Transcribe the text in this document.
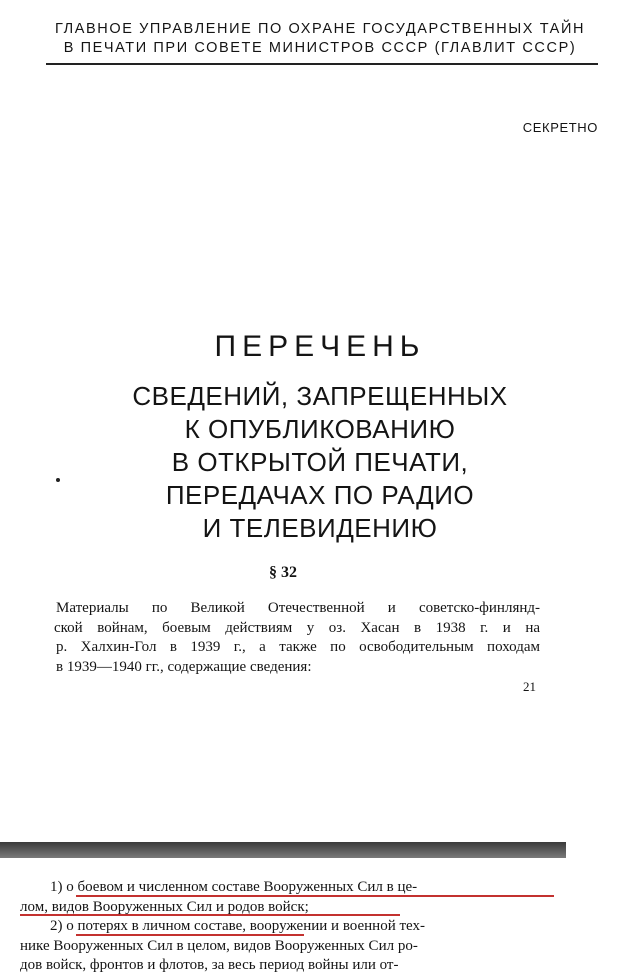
ГЛАВНОЕ УПРАВЛЕНИЕ ПО ОХРАНЕ ГОСУДАРСТВЕННЫХ ТАЙН
В ПЕЧАТИ ПРИ СОВЕТЕ МИНИСТРОВ СССР (ГЛАВЛИТ СССР)
СЕКРЕТНО
ПЕРЕЧЕНЬ
СВЕДЕНИЙ, ЗАПРЕЩЕННЫХ
К ОПУБЛИКОВАНИЮ
В ОТКРЫТОЙ ПЕЧАТИ,
ПЕРЕДАЧАХ ПО РАДИО
И ТЕЛЕВИДЕНИЮ
§ 32
Материалы по Великой Отечественной и советско-финлянд-
ской войнам, боевым действиям у оз. Хасан в 1938 г. и на
р. Халхин-Гол в 1939 г., а также по освободительным походам
в 1939—1940 гг., содержащие сведения:
21
1) о боевом и численном составе Вооруженных Сил в це-
лом, видов Вооруженных Сил и родов войск;
2) о потерях в личном составе, вооружении и военной тех-
нике Вооруженных Сил в целом, видов Вооруженных Сил ро-
дов войск, фронтов и флотов, за весь период войны или от-
